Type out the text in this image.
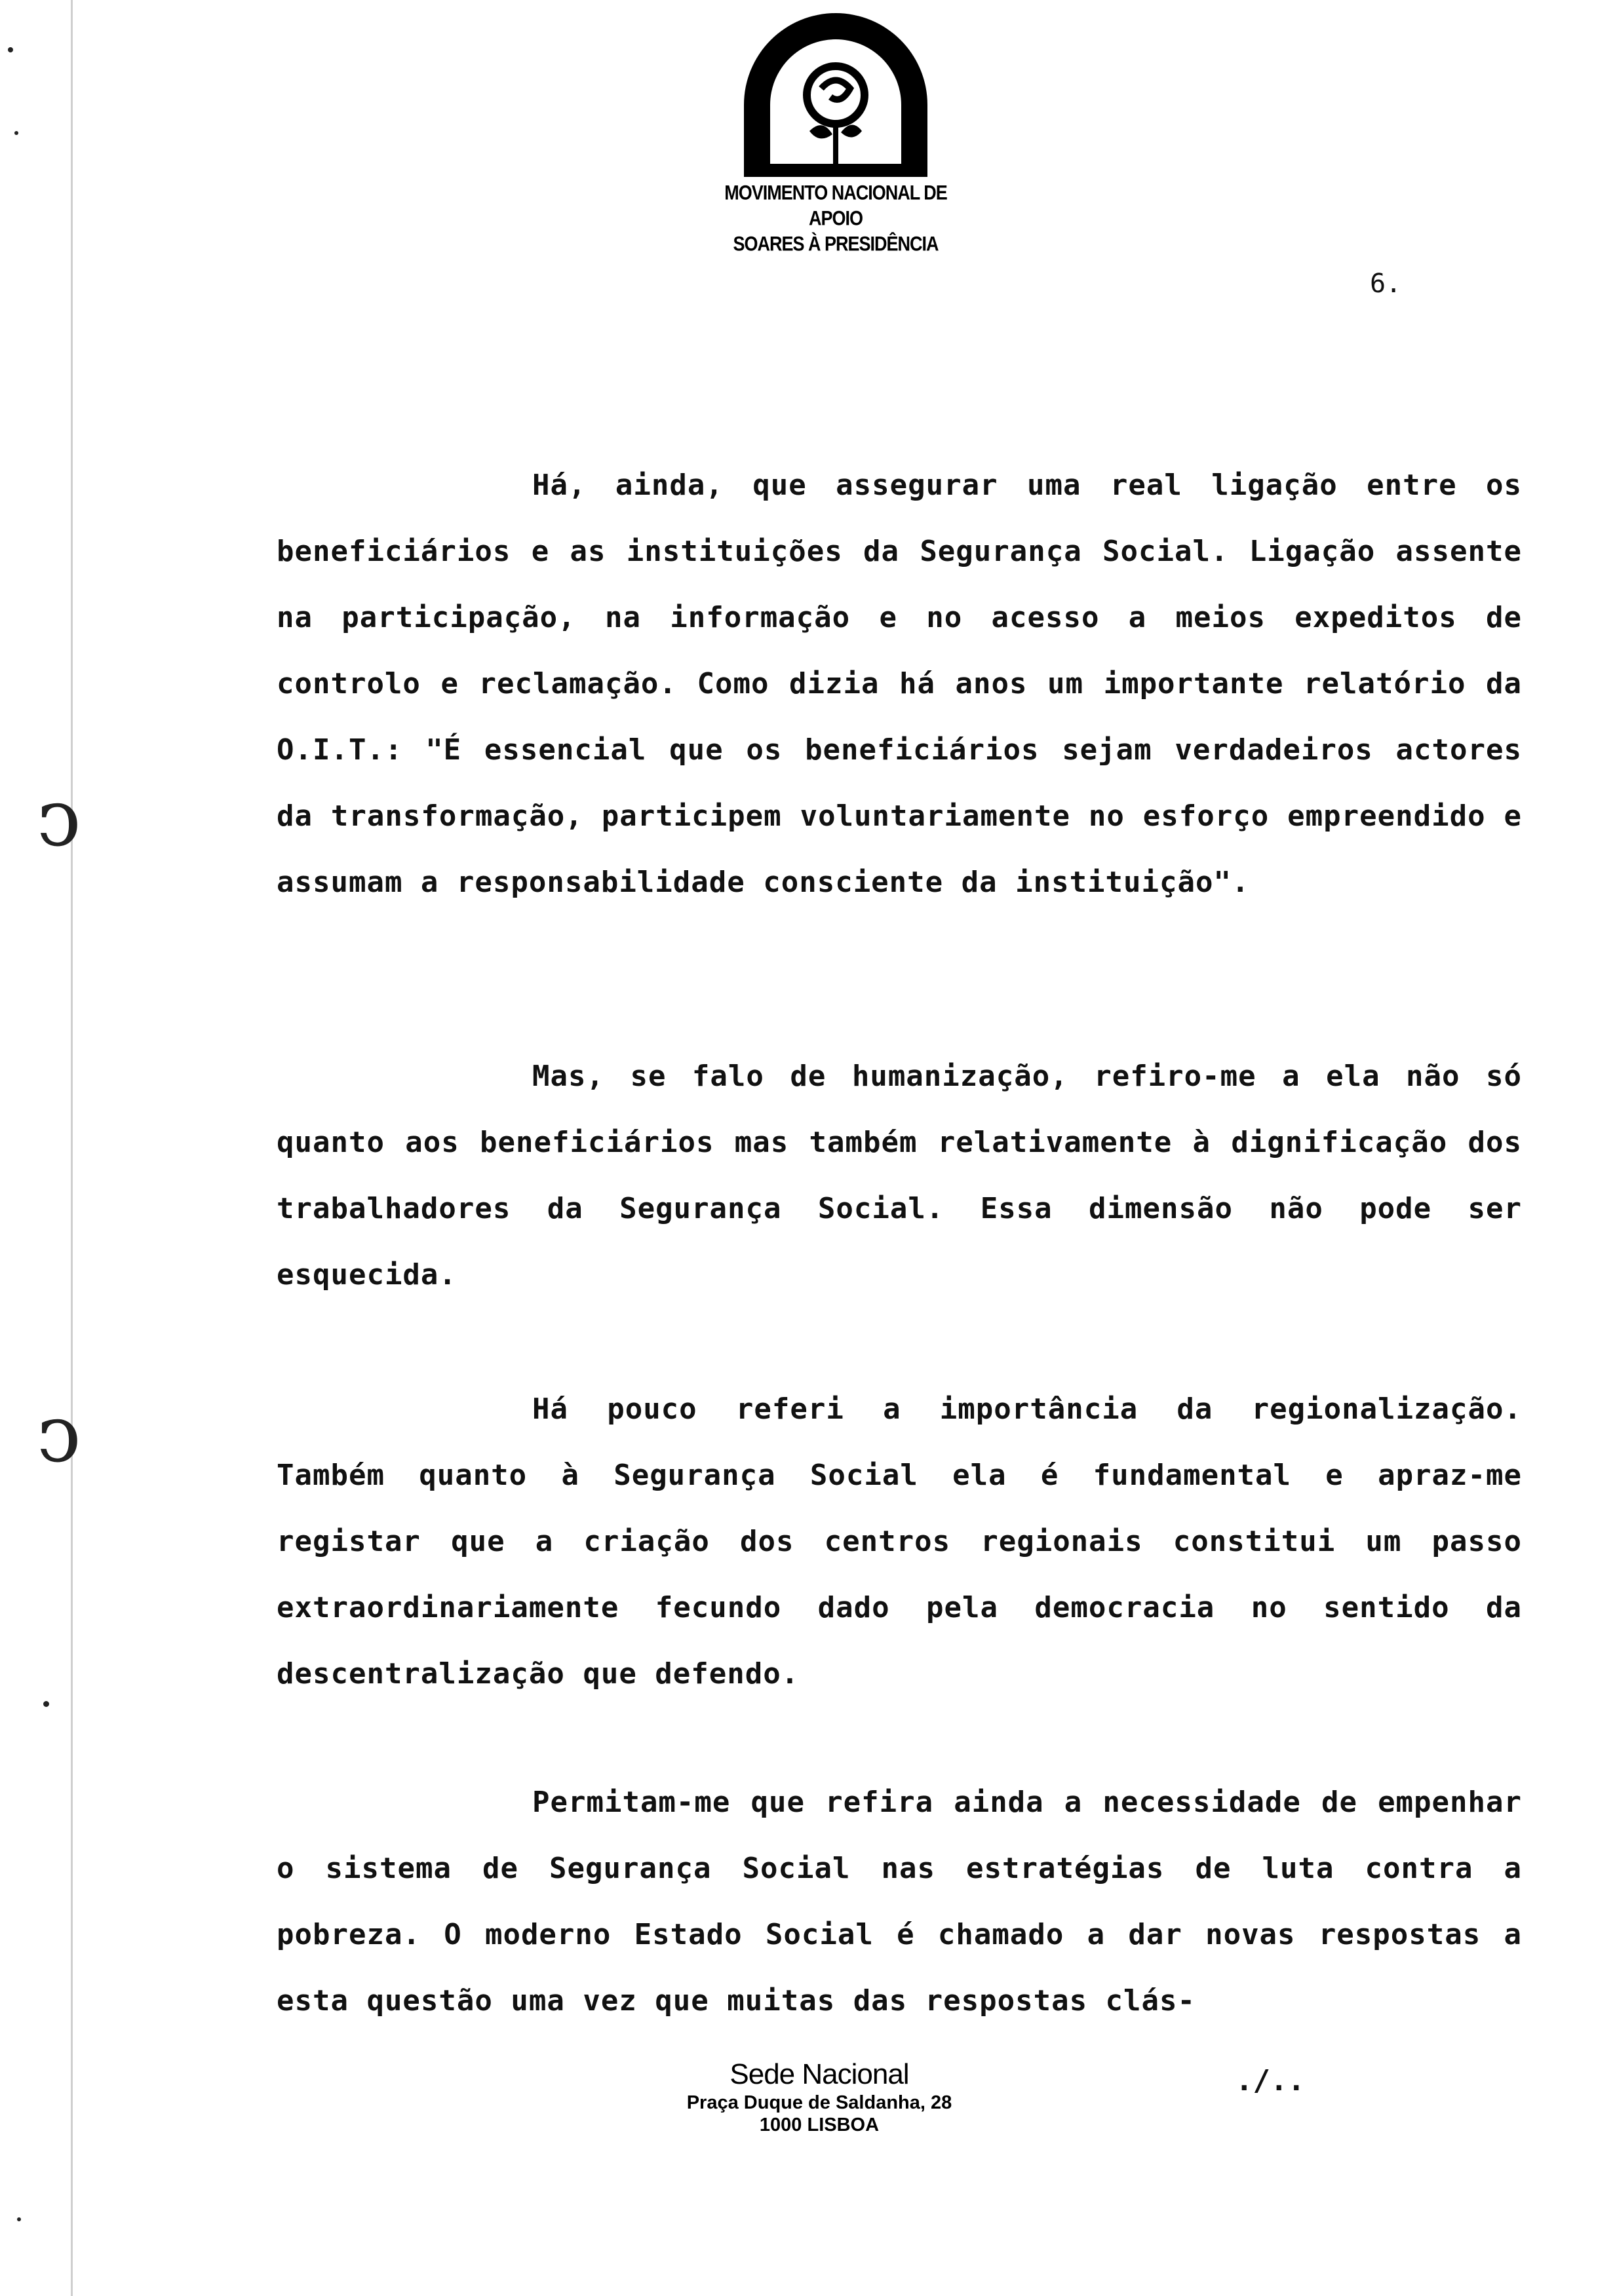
MOVIMENTO NACIONAL DE APOIO
SOARES À PRESIDÊNCIA
6.

Há, ainda, que assegurar uma real ligação entre os beneficiários e as instituições da Segurança Social. Ligação assente na participação, na informação e no acesso a meios expeditos de controlo e reclamação. Como dizia há anos um importante relatório da O.I.T.: "É essencial que os beneficiários sejam verdadeiros actores da transformação, participem voluntariamente no esforço empreendido e assumam a responsabilidade consciente da instituição".

Mas, se falo de humanização, refiro-me a ela não só quanto aos beneficiários mas também relativamente à dignificação dos trabalhadores da Segurança Social. Essa dimensão não pode ser esquecida.

Há pouco referi a importância da regionalização. Também quanto à Segurança Social ela é fundamental e apraz-me registar que a criação dos centros regionais constitui um passo extraordinariamente fecundo dado pela democracia no sentido da descentralização que defendo.

Permitam-me que refira ainda a necessidade de empenhar o sistema de Segurança Social nas estratégias de luta contra a pobreza. O moderno Estado Social é chamado a dar novas respostas a esta questão uma vez que muitas das respostas clás-

ↄ
ↄ
Sede Nacional
Praça Duque de Saldanha, 28
1000 LISBOA
./..
